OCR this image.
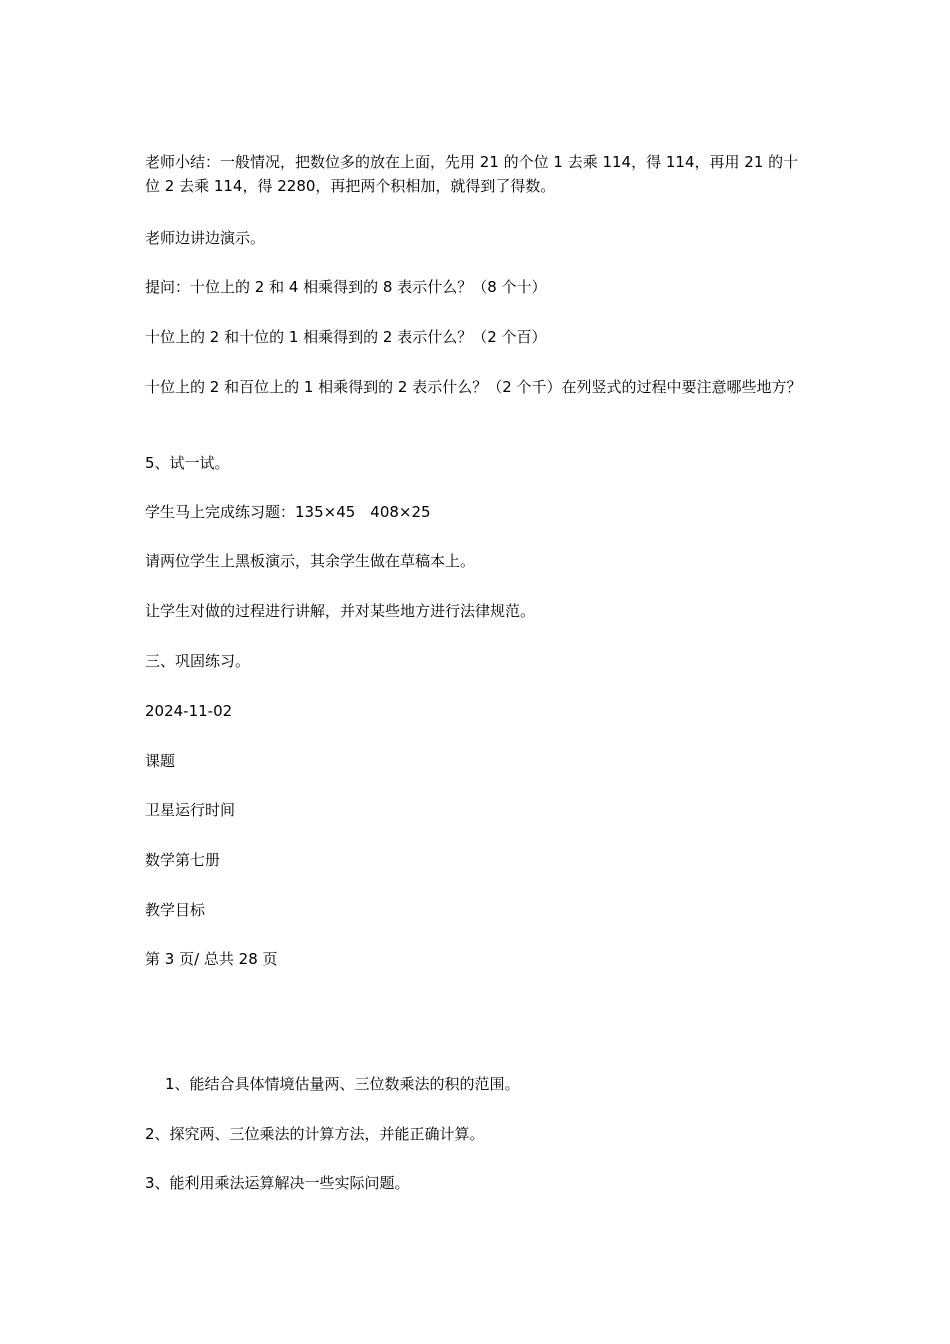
老师小结：一般情况，把数位多的放在上面，先用 21 的个位 1 去乘 114，得 114，再用 21 的十位 2 去乘 114，得 2280，再把两个积相加，就得到了得数。

老师边讲边演示。

提问：十位上的 2 和 4 相乘得到的 8 表示什么？（8 个十）

十位上的 2 和十位的 1 相乘得到的 2 表示什么？（2 个百）

十位上的 2 和百位上的 1 相乘得到的 2 表示什么？（2 个千）在列竖式的过程中要注意哪些地方？

5、试一试。

学生马上完成练习题：135×45　408×25

请两位学生上黑板演示，其余学生做在草稿本上。

让学生对做的过程进行讲解，并对某些地方进行法律规范。

三、巩固练习。

2024-11-02

课题

卫星运行时间

数学第七册

教学目标

第 3 页/ 总共 28 页

1、能结合具体情境估量两、三位数乘法的积的范围。

2、探究两、三位乘法的计算方法，并能正确计算。

3、能利用乘法运算解决一些实际问题。
